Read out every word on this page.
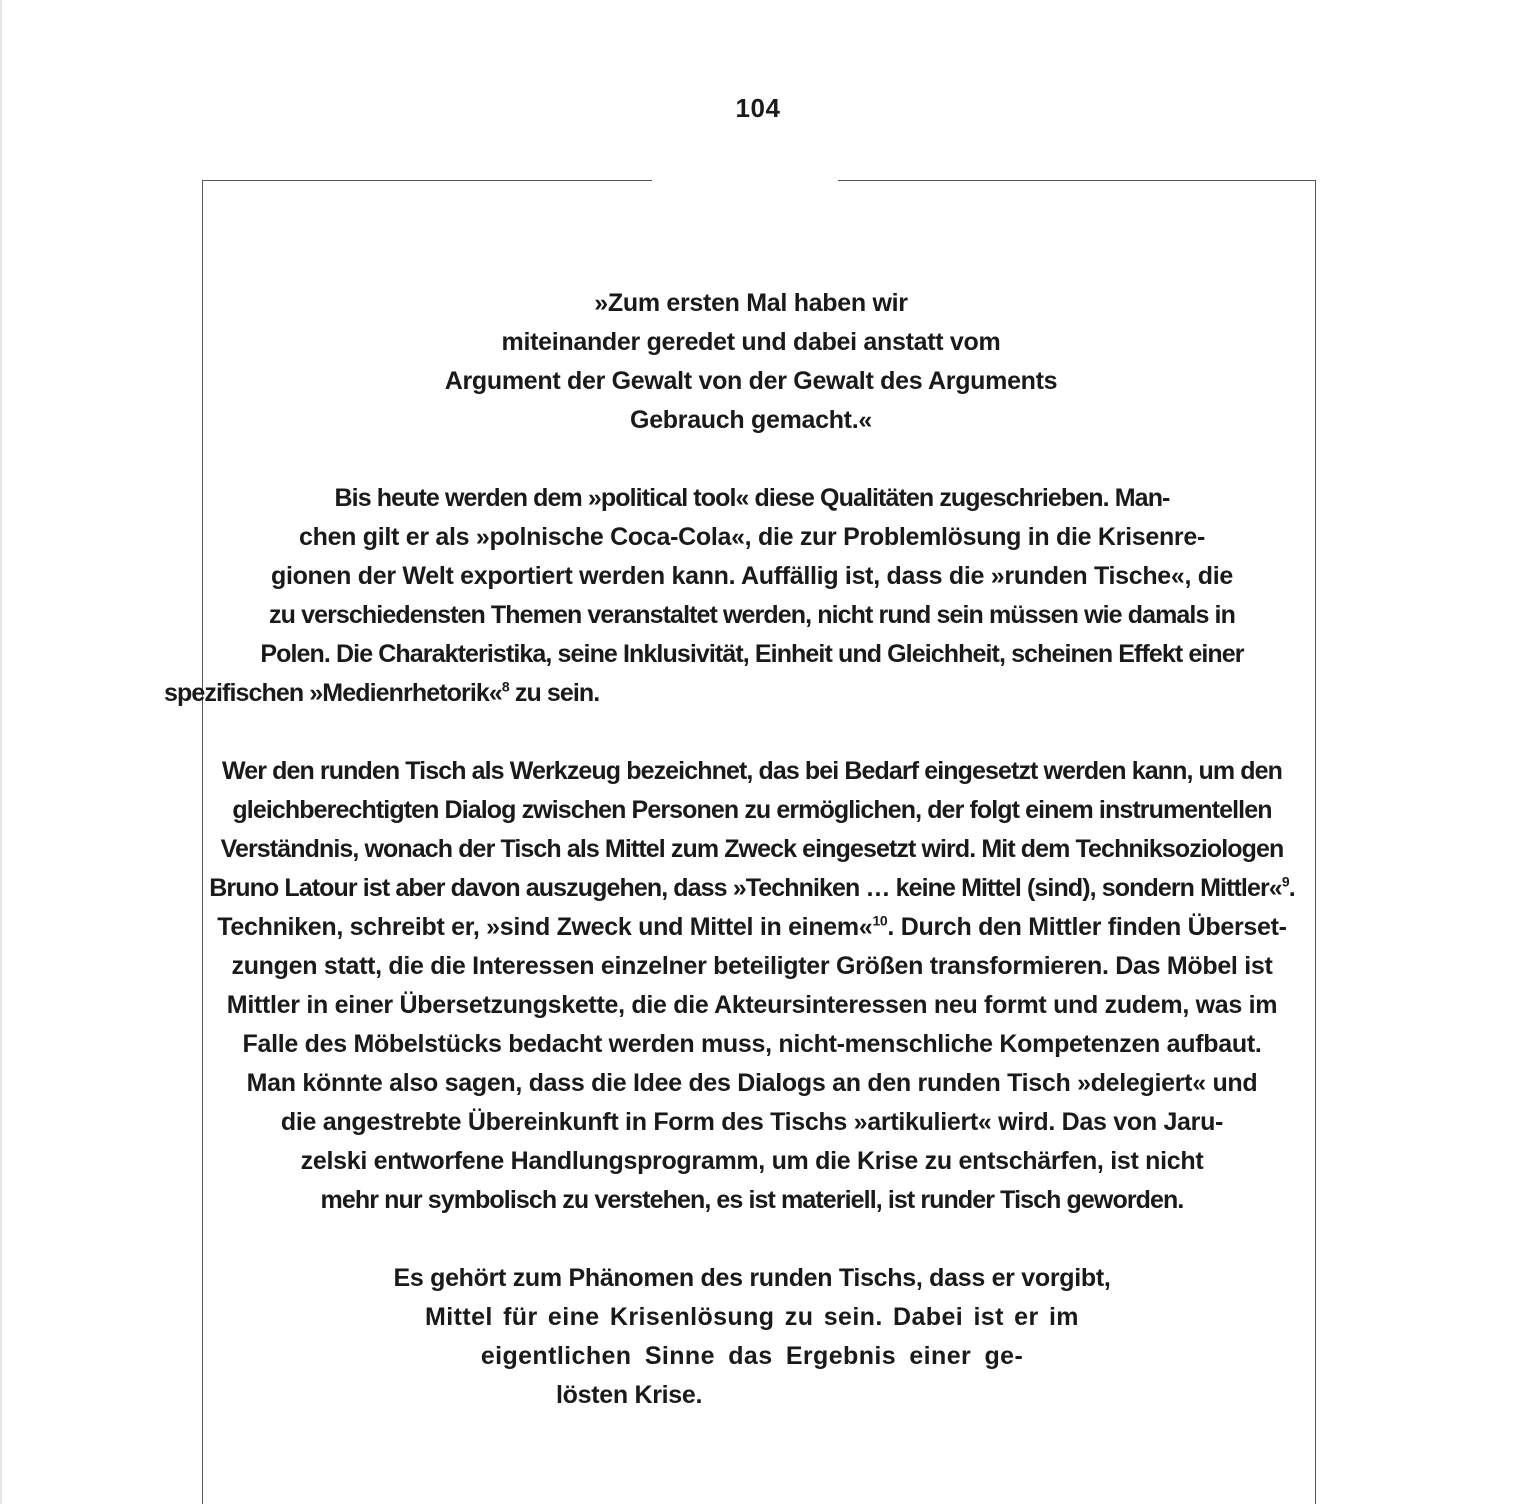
104
»Zum ersten Mal haben wir
miteinander geredet und dabei anstatt vom
Argument der Gewalt von der Gewalt des Arguments
Gebrauch gemacht.«
Bis heute werden dem »political tool« diese Qualitäten zugeschrieben. Man-
chen gilt er als »polnische Coca-Cola«, die zur Problemlösung in die Krisenre-
gionen der Welt exportiert werden kann. Auffällig ist, dass die »runden Tische«, die
zu verschiedensten Themen veranstaltet werden, nicht rund sein müssen wie damals in
Polen. Die Charakteristika, seine Inklusivität, Einheit und Gleichheit, scheinen Effekt einer
spezifischen »Medienrhetorik«$^8$ zu sein.
Wer den runden Tisch als Werkzeug bezeichnet, das bei Bedarf eingesetzt werden kann, um den
gleichberechtigten Dialog zwischen Personen zu ermöglichen, der folgt einem instrumentellen
Verständnis, wonach der Tisch als Mittel zum Zweck eingesetzt wird. Mit dem Techniksoziologen
Bruno Latour ist aber davon auszugehen, dass »Techniken … keine Mittel (sind), sondern Mittler«$^9$.
Techniken, schreibt er, »sind Zweck und Mittel in einem«$^{10}$. Durch den Mittler finden Überset-
zungen statt, die die Interessen einzelner beteiligter Größen transformieren. Das Möbel ist
Mittler in einer Übersetzungskette, die die Akteursinteressen neu formt und zudem, was im
Falle des Möbelstücks bedacht werden muss, nicht-menschliche Kompetenzen aufbaut.
Man könnte also sagen, dass die Idee des Dialogs an den runden Tisch »delegiert« und
die angestrebte Übereinkunft in Form des Tischs »artikuliert« wird. Das von Jaru-
zelski entworfene Handlungsprogramm, um die Krise zu entschärfen, ist nicht
mehr nur symbolisch zu verstehen, es ist materiell, ist runder Tisch geworden.
Es gehört zum Phänomen des runden Tischs, dass er vorgibt,
Mittel für eine Krisenlösung zu sein. Dabei ist er im
eigentlichen Sinne das Ergebnis einer ge-
lösten Krise.
